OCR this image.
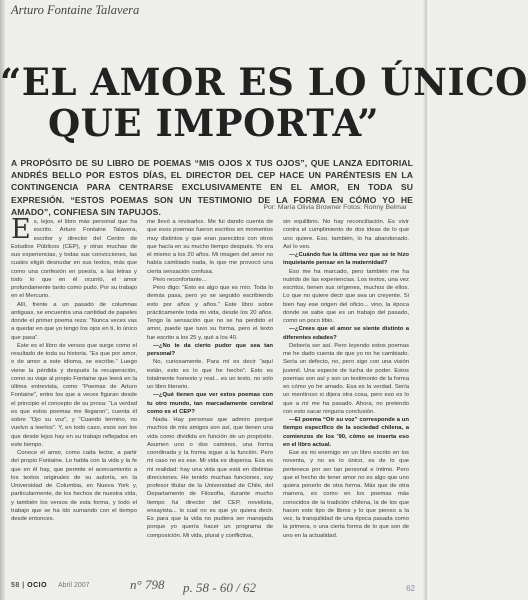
Arturo Fontaine Talavera
“EL AMOR ES LO ÚNICO
QUE IMPORTA”
A PROPÓSITO DE SU LIBRO DE POEMAS “MIS OJOS X TUS OJOS”, QUE LANZA EDITORIAL ANDRÉS BELLO POR ESTOS DÍAS, EL DIRECTOR DEL CEP HACE UN PARÉNTESIS EN LA CONTINGENCIA PARA CENTRARSE EXCLUSIVAMENTE EN EL AMOR, EN TODA SU EXPRESIÓN. “ESTOS POEMAS SON UN TESTIMONIO DE LA FORMA EN CÓMO YO HE AMADO”, CONFIESA SIN TAPUJOS.	Por: María Olivia Browner Fotos: Ronny Belmar
E s, lejos, el libro más personal que ha escrito. Arturo Fontaine Talavera, escritor y director del Centro de Estudios Públicos (CEP), y otras muchas de sus experiencias, y todas sus convicciones, las cuales eligió desnudar en sus textos, más que como una confesión en poesía, a las letras y todo lo que en él ocurrió, el amor profundamente tanto como pudo. Por su trabajo en el Mercurio.

Allí, frente a un pasado de columnas antiguas, se encuentra una cantidad de papeles donde el primer poema reza: “Nunca veces vas a quedar en que yo tengo los ojos en ti, lo único que pasa”.

Este es el libro de versos que surge como el resultado de toda su historia. “Es que por amor, o de amor a este idioma, se escribe.” Luego viene la pérdida y después la recuperación, como su viaje al propio Fontaine que leerá en la última entrevista, como “Poemas de Arturo Fontaine”, entre los que a veces figuran desde el principio el concepto de su prosa: “La verdad es que estos poemas me llegaron”, cuenta él sobre “Ojo su voz”, y “Cuando termino, no vuelvo a leerlos”. Y, en todo caso, esos son los que desde lejos hay en su trabajo reflejados en este tiempo.

Conoce el amor, como cada lector, a partir del propio Fontaine. Lo habla con la vida y la fe que en él hay, que permite el acercamiento a los textos originales de su autoría, en la Universidad de Columbia, en Nueva York y, particularmente, de los hechos de nuestra vida, y también los versos de esta forma, y todo el trabajo que se ha ido sumando con el tiempo desde entonces.

me llevó a revisarlos. Me fui dando cuenta de que esos poemas fueron escritos en momentos muy distintos y que eran parecidos con otros que hacía en su mucho tiempo después. Yo era el mismo a los 20 años. Mi imagen del amor no había cambiado nada, lo que me provocó una cierta sensación confusa.

Pero reconfortante...

Pero digo: “Esto es algo que es mío. Toda lo demás pasa, pero yo se seguido escribiendo esto por años y años.” Este libro sobre prácticamente toda mi vida, desde los 20 años. Tengo la sensación que no se ha perdido el amor, puede que tuvo su forma, pero el texto fue escrito a los 25 y, qué a los 40.

—¿No te da cierto pudor que sea tan personal?

No, curiosamente. Para mí es decir “aquí están, esto es lo que he hecho”. Esto es totalmente honesto y real... es un texto, no solo un libro literario.

—¿Qué tienen que ver estos poemas con tu otro mundo, tan marcadamente cerebral como es el CEP?

Nada. Hay personas que admiro porque muchos de mis amigos son así, que tienen una vida como dividida en función de un propósito. Asumen uno o dos caminos, una forma coordinada y la forma sigue a la función. Pero mi caso no es ese. Mi vida es dispersa. Esa es mi realidad: hay una vida que está en distintas direcciones. He tenido muchas funciones, soy profesor titular de la Universidad de Chile, del Departamento de Filosofía, durante mucho tiempo fui director del CEP, novelista, ensayista... lo cual no es que yo quiera decir. Es para que la vida no pudiera ser manejada porque yo quería hacer un programa de composición. Mi vida, plural y conflictiva,

sin equilibrio. No hay reconciliación. Es vivir contra el cumplimiento de dos ideas de lo que uno quiere. Eso, también, lo ha abandonado. Así lo veo.

—¿Cuándo fue la última vez que se te hizo inquietante pensar en la maternidad?

Eso me ha marcado, pero también me ha nutrido de las experiencias. Los textos, una vez escritos, tienen sus orígenes, muchos de ellos. Lo que no quiere decir que sea un creyente. Si bien hay ese origen del oficio... vino, la época donde se sabe que es un trabajo del pasado, como un poco tibio.

—¿Crees que el amor se siente distinto a diferentes edades?

Debería ser así. Pero leyendo estos poemas me he dado cuenta de que yo no he cambiado. Sería un defecto, no, pero sigo con una visión juvenil. Una especie de lucha de poder. Estos poemas son así y son un testimonio de la forma en cómo yo he amado. Esa es la verdad. Sería un mentiroso si dijera otra cosa, pero eso es lo que a mí me ha pasado. Ahora, no pretendo con esto sacar ninguna conclusión.

—El poema “Oír su voz” corresponde a un tiempo específico de la sociedad chilena, a comienzos de los ’90, cómo se inserta eso en el libro actual.

Ese es mi enemigo en un libro escrito en los noventa, y no es lo único, es de lo que pertenece por ser tan personal e íntimo. Pero que el hecho de tener amor no es algo que uno quiera ponerlo de otra forma. Más que de otra manera, es como en los poemas más conocidos de la tradición chilena, la de los que hacen este tipo de libros y lo que pienso a la vez, la tranquilidad de una época pasada como la primera, o una cierta forma de lo que son de uno en la actualidad.

58 | OCIO Abril 2007	n° 798 p. 58 - 60 / 62	62
